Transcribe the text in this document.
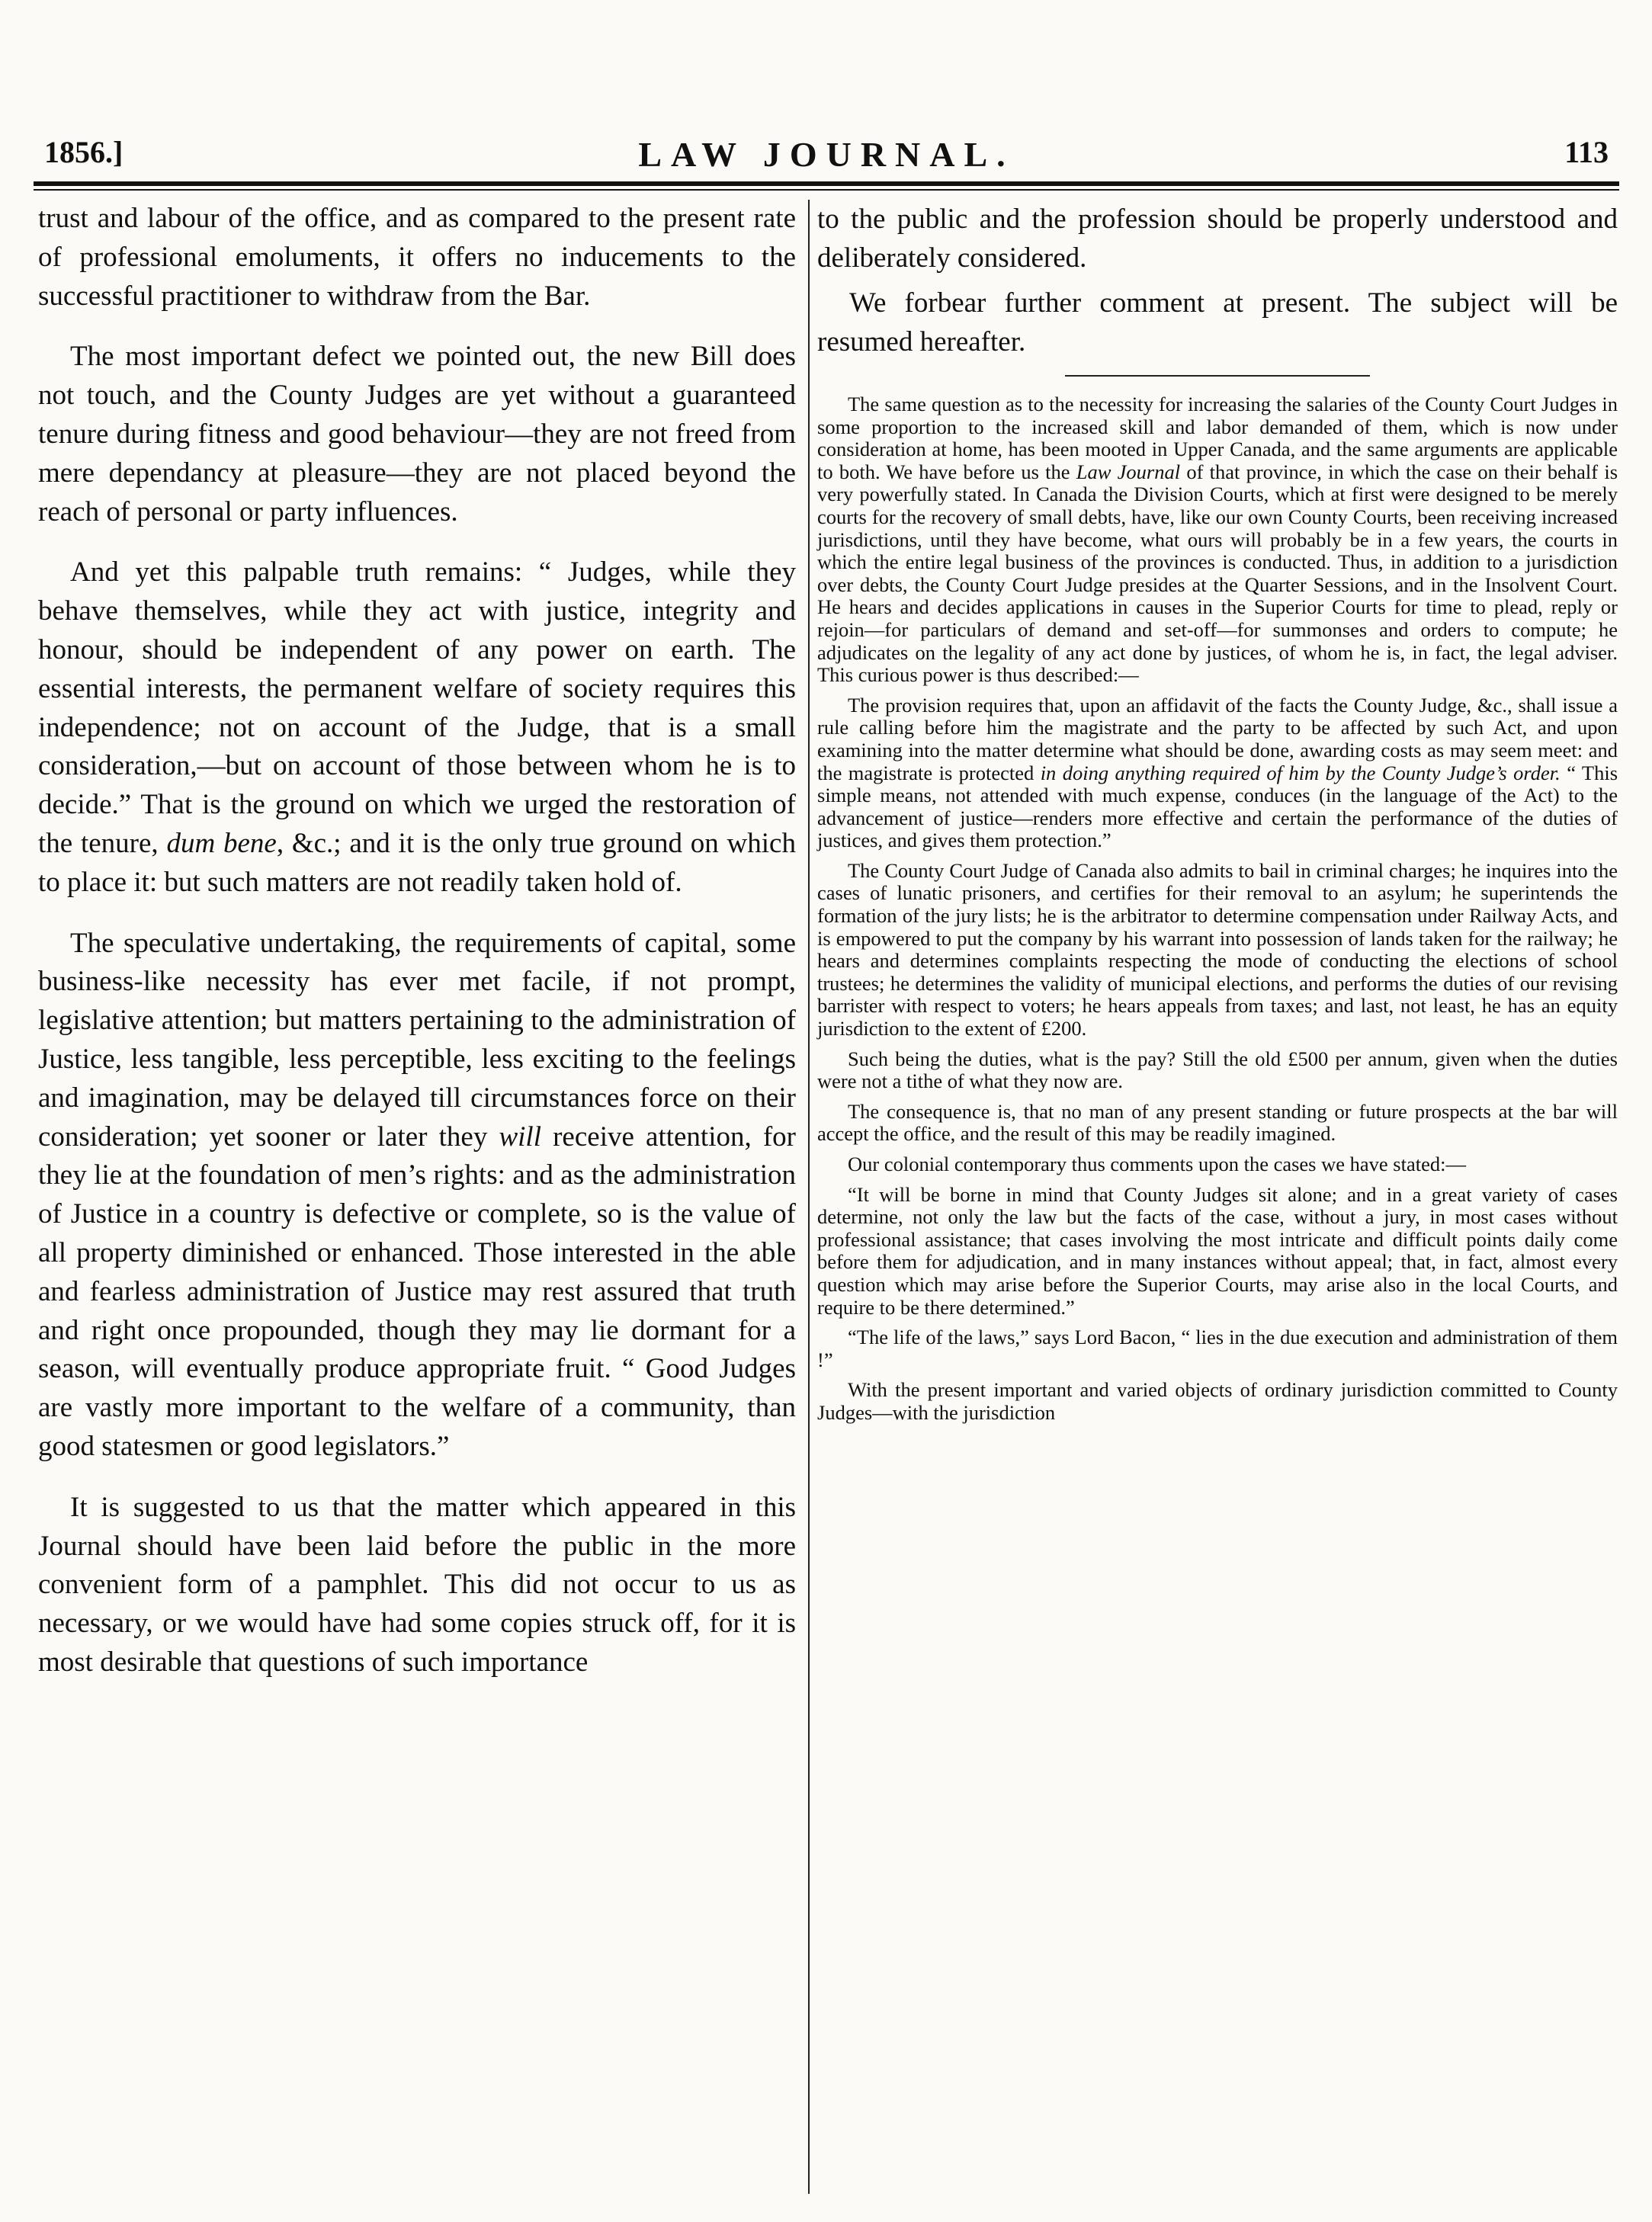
1856.]	LAW JOURNAL.	113

trust and labour of the office, and as compared to the present rate of professional emoluments, it offers no inducements to the successful practitioner to withdraw from the Bar.

The most important defect we pointed out, the new Bill does not touch, and the County Judges are yet without a guaranteed tenure during fitness and good behaviour—they are not freed from mere dependancy at pleasure—they are not placed beyond the reach of personal or party influences.

And yet this palpable truth remains: “ Judges, while they behave themselves, while they act with justice, integrity and honour, should be independent of any power on earth. The essential interests, the permanent welfare of society requires this independence; not on account of the Judge, that is a small consideration,—but on account of those between whom he is to decide.” That is the ground on which we urged the restoration of the tenure, dum bene, &c.; and it is the only true ground on which to place it: but such matters are not readily taken hold of.

The speculative undertaking, the requirements of capital, some business-like necessity has ever met facile, if not prompt, legislative attention; but matters pertaining to the administration of Justice, less tangible, less perceptible, less exciting to the feelings and imagination, may be delayed till circumstances force on their consideration; yet sooner or later they will receive attention, for they lie at the foundation of men’s rights: and as the administration of Justice in a country is defective or complete, so is the value of all property diminished or enhanced. Those interested in the able and fearless administration of Justice may rest assured that truth and right once propounded, though they may lie dormant for a season, will eventually produce appropriate fruit. “ Good Judges are vastly more important to the welfare of a community, than good statesmen or good legislators.”

It is suggested to us that the matter which appeared in this Journal should have been laid before the public in the more convenient form of a pamphlet. This did not occur to us as necessary, or we would have had some copies struck off, for it is most desirable that questions of such importance

to the public and the profession should be properly understood and deliberately considered.

We forbear further comment at present. The subject will be resumed hereafter.

The same question as to the necessity for increasing the salaries of the County Court Judges in some proportion to the increased skill and labor demanded of them, which is now under consideration at home, has been mooted in Upper Canada, and the same arguments are applicable to both. We have before us the Law Journal of that province, in which the case on their behalf is very powerfully stated. In Canada the Division Courts, which at first were designed to be merely courts for the recovery of small debts, have, like our own County Courts, been receiving increased jurisdictions, until they have become, what ours will probably be in a few years, the courts in which the entire legal business of the provinces is conducted. Thus, in addition to a jurisdiction over debts, the County Court Judge presides at the Quarter Sessions, and in the Insolvent Court. He hears and decides applications in causes in the Superior Courts for time to plead, reply or rejoin—for particulars of demand and set-off—for summonses and orders to compute; he adjudicates on the legality of any act done by justices, of whom he is, in fact, the legal adviser. This curious power is thus described:—

The provision requires that, upon an affidavit of the facts the County Judge, &c., shall issue a rule calling before him the magistrate and the party to be affected by such Act, and upon examining into the matter determine what should be done, awarding costs as may seem meet: and the magistrate is protected in doing anything required of him by the County Judge’s order. “ This simple means, not attended with much expense, conduces (in the language of the Act) to the advancement of justice—renders more effective and certain the performance of the duties of justices, and gives them protection.”

The County Court Judge of Canada also admits to bail in criminal charges; he inquires into the cases of lunatic prisoners, and certifies for their removal to an asylum; he superintends the formation of the jury lists; he is the arbitrator to determine compensation under Railway Acts, and is empowered to put the company by his warrant into possession of lands taken for the railway; he hears and determines complaints respecting the mode of conducting the elections of school trustees; he determines the validity of municipal elections, and performs the duties of our revising barrister with respect to voters; he hears appeals from taxes; and last, not least, he has an equity jurisdiction to the extent of £200.

Such being the duties, what is the pay? Still the old £500 per annum, given when the duties were not a tithe of what they now are.

The consequence is, that no man of any present standing or future prospects at the bar will accept the office, and the result of this may be readily imagined.

Our colonial contemporary thus comments upon the cases we have stated:—

“It will be borne in mind that County Judges sit alone; and in a great variety of cases determine, not only the law but the facts of the case, without a jury, in most cases without professional assistance; that cases involving the most intricate and difficult points daily come before them for adjudication, and in many instances without appeal; that, in fact, almost every question which may arise before the Superior Courts, may arise also in the local Courts, and require to be there determined.”

“The life of the laws,” says Lord Bacon, “ lies in the due execution and administration of them !”

With the present important and varied objects of ordinary jurisdiction committed to County Judges—with the jurisdiction
